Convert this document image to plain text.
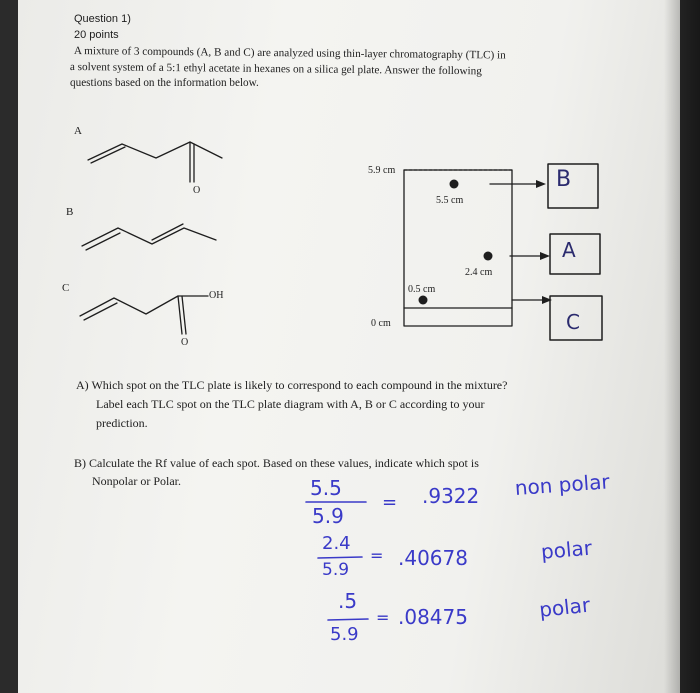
Question 1)
20 points
A mixture of 3 compounds (A, B and C) are analyzed using thin-layer chromatography (TLC) in
a solvent system of a 5:1 ethyl acetate in hexanes on a silica gel plate. Answer the following
questions based on the information below.
A
B
C
O
O
OH
5.9 cm
5.5 cm
2.4 cm
0.5 cm
0 cm
B
A
C
A) Which spot on the TLC plate is likely to correspond to each compound in the mixture?
Label each TLC spot on the TLC plate diagram with A, B or C according to your
prediction.
B) Calculate the Rf value of each spot. Based on these values, indicate which spot is
Nonpolar or Polar.	5.5
5.9
= .9322 non polar
2.4
5.9
= .40678	polar
.5
5.9
= .08475	polar
